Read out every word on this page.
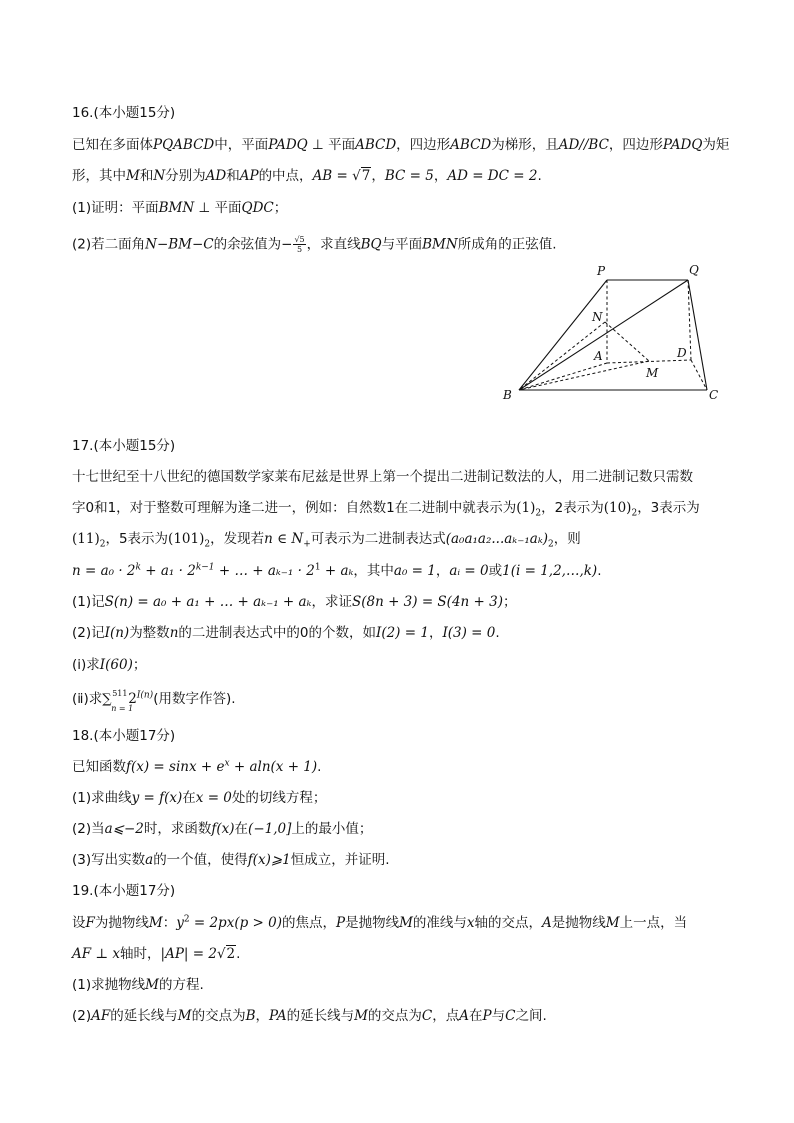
16.(本小题15分)
已知在多面体PQABCD中，平面PADQ ⊥ 平面ABCD，四边形ABCD为梯形，且AD//BC，四边形PADQ为矩
形，其中M和N分别为AD和AP的中点，AB = √7，BC = 5，AD = DC = 2.
(1)证明：平面BMN ⊥ 平面QDC；
(2)若二面角N−BM−C的余弦值为− $\frac{√5}{5}$ ，求直线BQ与平面BMN所成角的正弦值.
P	Q
N
A	D
M
B	C
17.(本小题15分)
十七世纪至十八世纪的德国数学家莱布尼兹是世界上第一个提出二进制记数法的人，用二进制记数只需数
字0和1，对于整数可理解为逢二进一，例如：自然数1在二进制中就表示为$(1)_2$，2表示为$(10)_2$，3表示为
$(11)_2$，5表示为$(101)_2$，发现若n ∈ $N_+$可表示为二进制表达式$(a_0a_1a_2...a_{k-1}a_k)_2$，则
$n = a_0 \cdot 2^k + a_1 \cdot 2^{k-1}$ + … + $a_{k-1} \cdot 2^1 + a_k$，其中a₀ = 1，aᵢ = 0或1(i = 1,2,…,k).
(1)记S(n) = a₀ + a₁ + … + aₖ₋₁ + aₖ，求证S(8n + 3) = S(4n + 3)；
(2)记I(n)为整数n的二进制表达式中的0的个数，如I(2) = 1，I(3) = 0.
(ⅰ)求I(60)；
(ⅱ)求 ∑ 511
n = 1
$2^{I(n)}$(用数字作答).
18.(本小题17分)
已知函数$f(x) = \sin x + e^x + aln(x + 1)$.
(1)求曲线y = f(x)在x = 0处的切线方程；
(2)当a⩽−2时，求函数f(x)在(−1,0]上的最小值；
(3)写出实数a的一个值，使得f(x)⩾1恒成立，并证明.
19.(本小题17分)
设F为抛物线M：$y^2 = 2px(p > 0)$的焦点，P是抛物线M的准线与x轴的交点，A是抛物线M上一点，当
AF ⊥ x轴时，|AP| = 2√2.
(1)求抛物线M的方程.
(2)AF的延长线与M的交点为B，PA的延长线与M的交点为C，点A在P与C之间.
